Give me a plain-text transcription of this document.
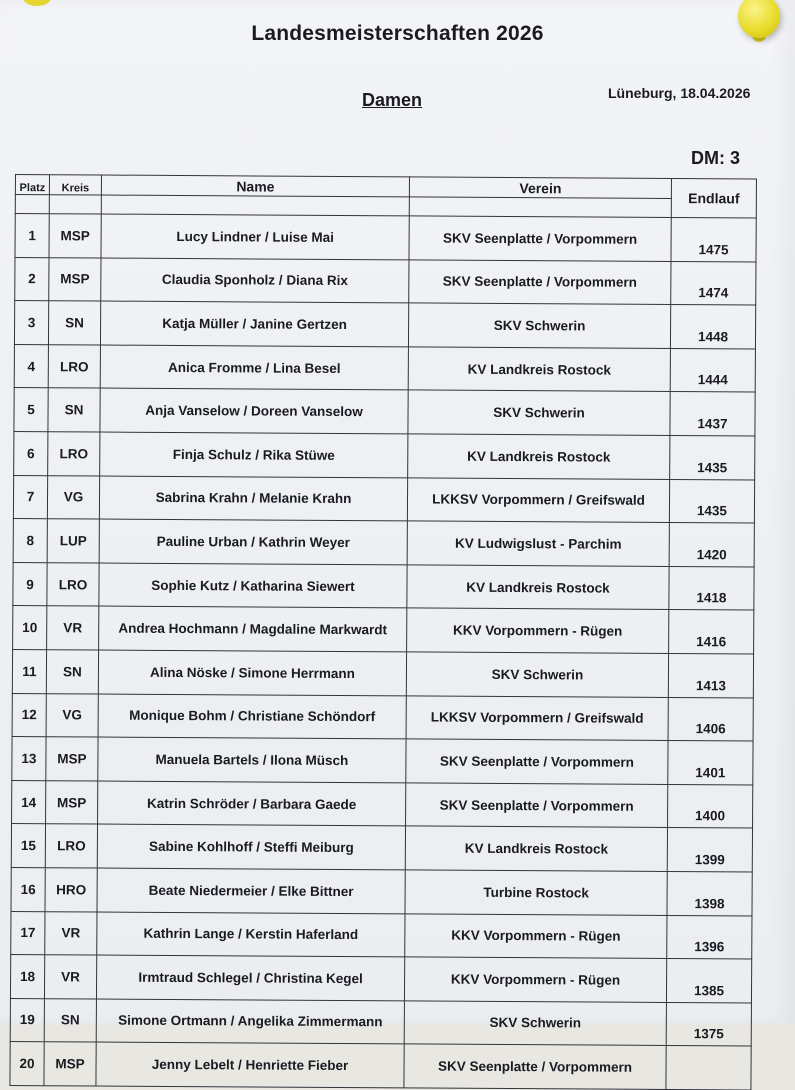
Landesmeisterschaften 2026
Damen	Lüneburg, 18.04.2026
DM: 3
Platz	Kreis	Name	Verein	Endlauf

1	MSP	Lucy Lindner / Luise Mai	SKV Seenplatte / Vorpommern	1475
2	MSP	Claudia Sponholz / Diana Rix	SKV Seenplatte / Vorpommern	1474
3	SN	Katja Müller / Janine Gertzen	SKV Schwerin	1448
4	LRO	Anica Fromme / Lina Besel	KV Landkreis Rostock	1444
5	SN	Anja Vanselow / Doreen Vanselow	SKV Schwerin	1437
6	LRO	Finja Schulz / Rika Stüwe	KV Landkreis Rostock	1435
7	VG	Sabrina Krahn / Melanie Krahn	LKKSV Vorpommern / Greifswald	1435
8	LUP	Pauline Urban / Kathrin Weyer	KV Ludwigslust - Parchim	1420
9	LRO	Sophie Kutz / Katharina Siewert	KV Landkreis Rostock	1418
10	VR	Andrea Hochmann / Magdaline Markwardt	KKV Vorpommern - Rügen	1416
11	SN	Alina Nöske / Simone Herrmann	SKV Schwerin	1413
12	VG	Monique Bohm / Christiane Schöndorf	LKKSV Vorpommern / Greifswald	1406
13	MSP	Manuela Bartels / Ilona Müsch	SKV Seenplatte / Vorpommern	1401
14	MSP	Katrin Schröder / Barbara Gaede	SKV Seenplatte / Vorpommern	1400
15	LRO	Sabine Kohlhoff / Steffi Meiburg	KV Landkreis Rostock	1399
16	HRO	Beate Niedermeier / Elke Bittner	Turbine Rostock	1398
17	VR	Kathrin Lange / Kerstin Haferland	KKV Vorpommern - Rügen	1396
18	VR	Irmtraud Schlegel / Christina Kegel	KKV Vorpommern - Rügen	1385
19	SN	Simone Ortmann / Angelika Zimmermann	SKV Schwerin	1375
20	MSP	Jenny Lebelt / Henriette Fieber	SKV Seenplatte / Vorpommern	
